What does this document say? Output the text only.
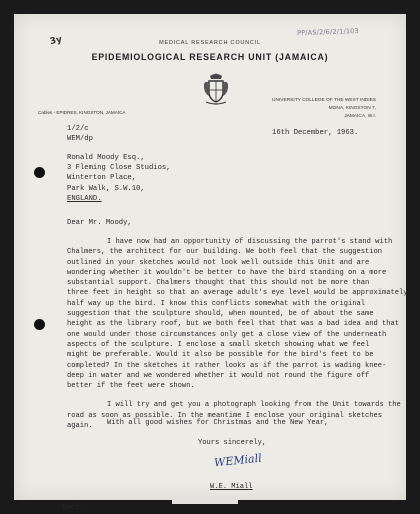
PP/AS/2/6/2/1/103
3y	MEDICAL RESEARCH COUNCIL
EPIDEMIOLOGICAL RESEARCH UNIT (JAMAICA)
Cables - EPIDRES, KINGSTON, JAMAICA
UNIVERSITY COLLEGE OF THE WEST INDIES
MONA, KINGSTON 7,
JAMAICA, W.I.
1/2/c
WEM/dp
16th December, 1963.
Ronald Moody Esq.,
3 Fleming Close Studios,
Winterton Place,
Park Walk, S.W.10,
ENGLAND.
Dear Mr. Moody,

I have now had an opportunity of discussing the parrot's stand with
Chalmers, the architect for our building. We both feel that the suggestion
outlined in your sketches would not look well outside this Unit and are
wondering whether it wouldn't be better to have the bird standing on a more
substantial support. Chalmers thought that this should not be more than
three feet in height so that an average adult's eye level would be approximately
half way up the bird. I know this conflicts somewhat with the original
suggestion that the sculpture should, when mounted, be of about the same
height as the library roof, but we both feel that that was a bad idea and that
one would under those circumstances only get a close view of the underneath
aspects of the sculpture. I enclose a small sketch showing what we feel
might be preferable. Would it also be possible for the bird's feet to be
completed? In the sketches it rather looks as if the parrot is wading knee-
deep in water and we wondered whether it would not round the figure off
better if the feet were shown.

I will try and get you a photograph looking from the Unit towards the
road as soon as possible. In the meantime I enclose your original sketches
again.	With all good wishes for Christmas and the New Year,
Yours sincerely,
WEMiall
W.E. Miall
Encl.
